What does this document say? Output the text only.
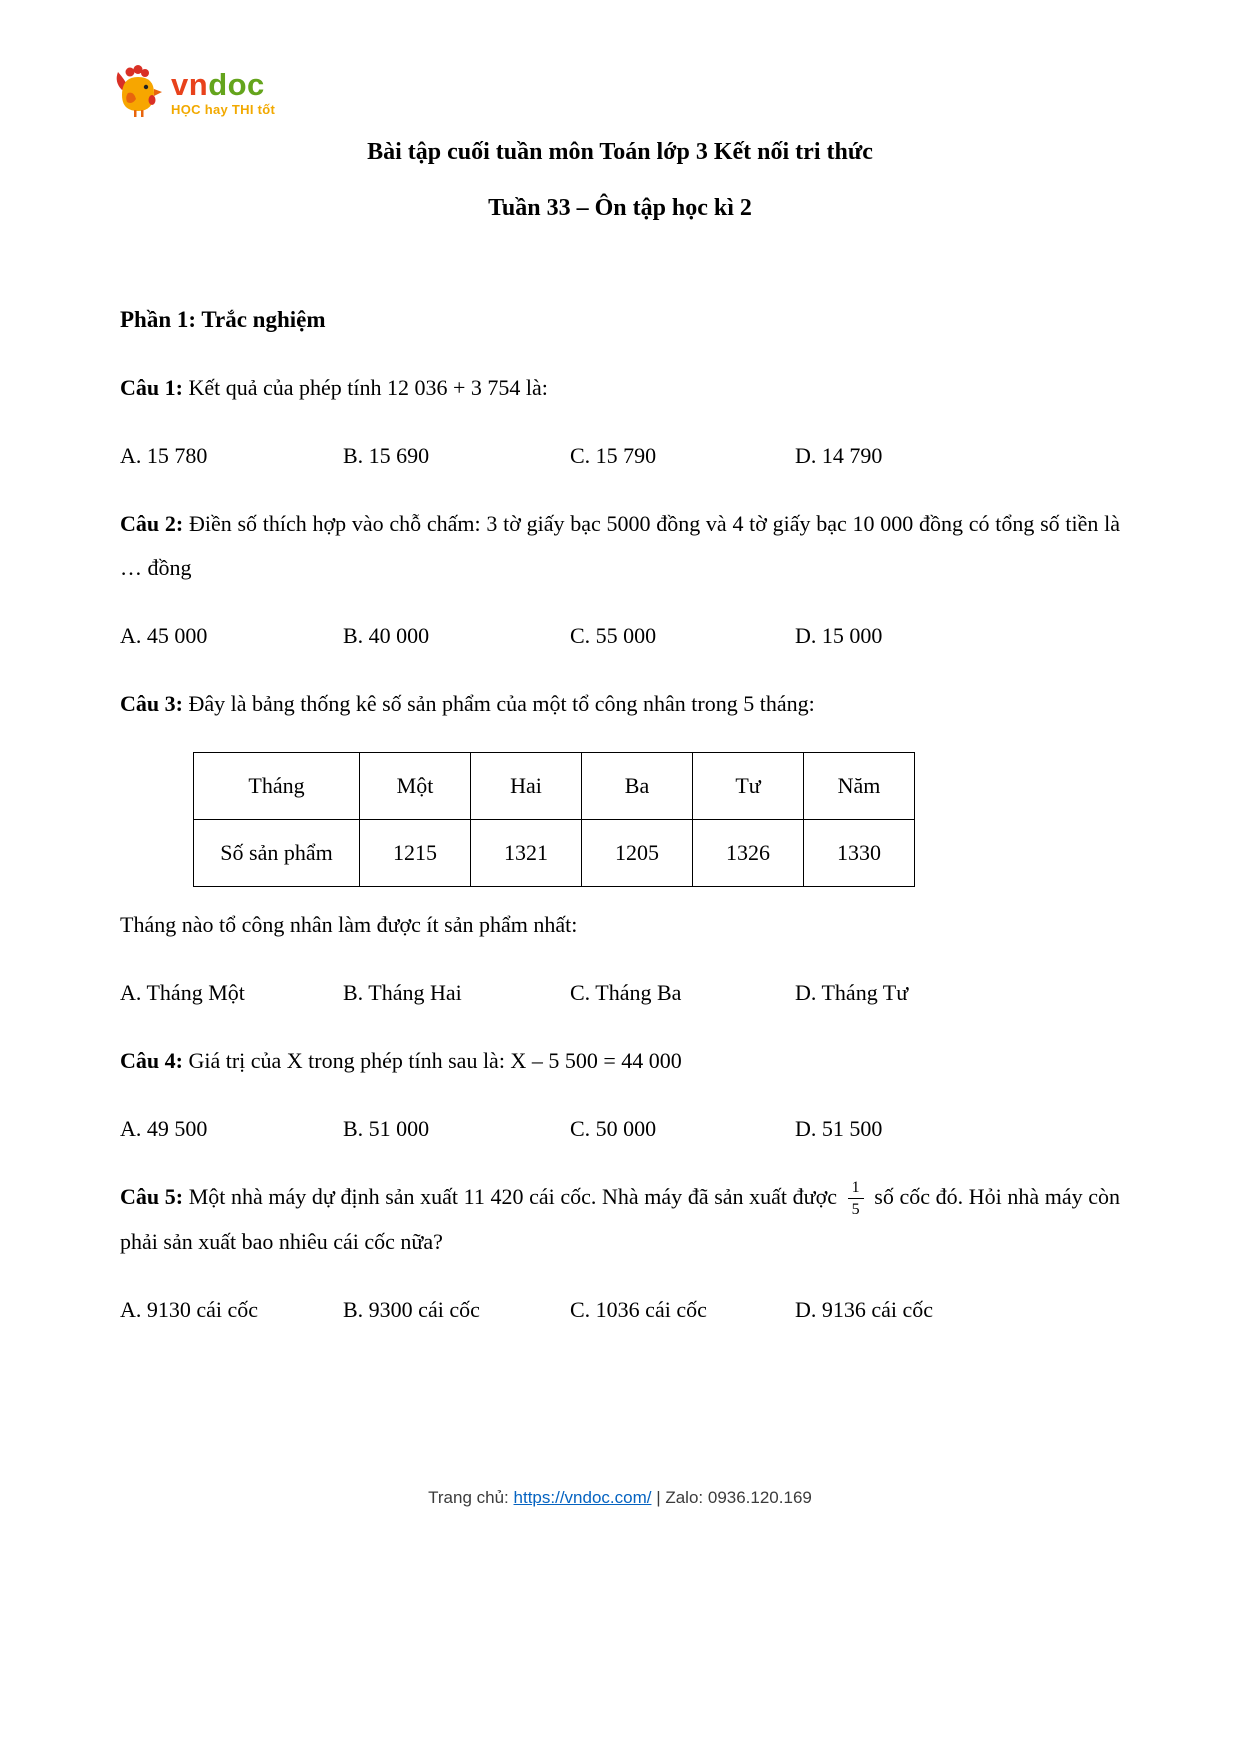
vndoc
HỌC hay THI tốt
Bài tập cuối tuần môn Toán lớp 3 Kết nối tri thức
Tuần 33 – Ôn tập học kì 2
Phần 1: Trắc nghiệm

Câu 1: Kết quả của phép tính 12 036 + 3 754 là:

A. 15 780	B. 15 690	C. 15 790	D. 14 790

Câu 2: Điền số thích hợp vào chỗ chấm: 3 tờ giấy bạc 5000 đồng và 4 tờ giấy bạc 10 000 đồng có tổng số tiền là … đồng

A. 45 000	B. 40 000	C. 55 000	D. 15 000

Câu 3: Đây là bảng thống kê số sản phẩm của một tổ công nhân trong 5 tháng:

Tháng	Một	Hai	Ba	Tư	Năm
Số sản phẩm	1215	1321	1205	1326	1330

Tháng nào tổ công nhân làm được ít sản phẩm nhất:

A. Tháng Một	B. Tháng Hai	C. Tháng Ba	D. Tháng Tư

Câu 4: Giá trị của X trong phép tính sau là: X – 5 500 = 44 000

A. 49 500	B. 51 000	C. 50 000	D. 51 500

Câu 5: Một nhà máy dự định sản xuất 11 420 cái cốc. Nhà máy đã sản xuất được $\frac{1}{5}$ số cốc đó. Hỏi nhà máy còn phải sản xuất bao nhiêu cái cốc nữa?

A. 9130 cái cốc	B. 9300 cái cốc	C. 1036 cái cốc	D. 9136 cái cốc
Trang chủ: https://vndoc.com/ | Zalo: 0936.120.169
